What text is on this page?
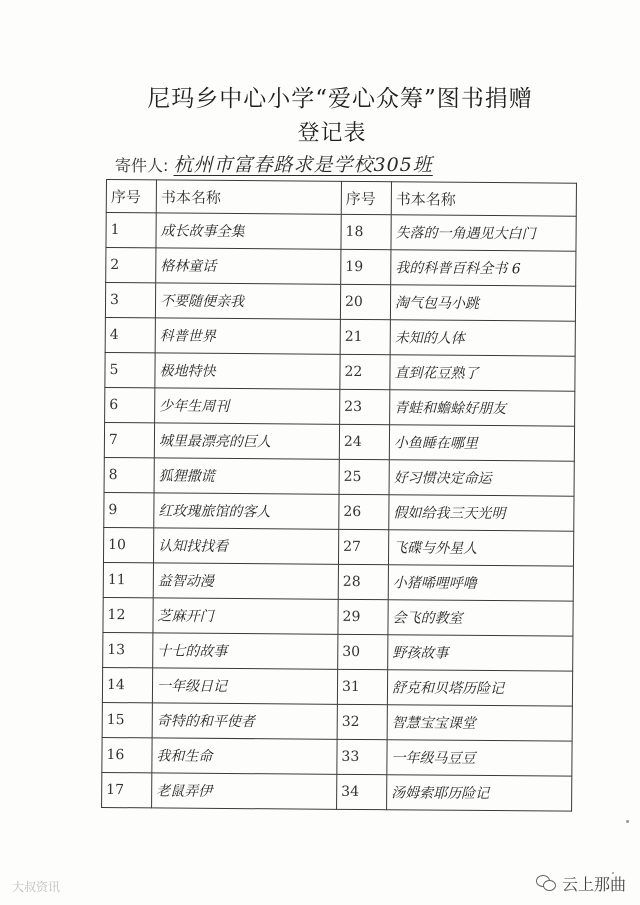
尼玛乡中心小学“爱心众筹”图书捐赠
登记表
寄件人: 杭州市富春路求是学校305班
序号	书本名称	序号	书本名称
1	成长故事全集	18	失落的一角遇见大白门
2	格林童话	19	我的科普百科全书 6
3	不要随便亲我	20	淘气包马小跳
4	科普世界	21	未知的人体
5	极地特快	22	直到花豆熟了
6	少年生周刊	23	青蛙和蟾蜍好朋友
7	城里最漂亮的巨人	24	小鱼睡在哪里
8	狐狸撒谎	25	好习惯决定命运
9	红玫瑰旅馆的客人	26	假如给我三天光明
10	认知找找看	27	飞碟与外星人
11	益智动漫	28	小猪唏哩呼噜
12	芝麻开门	29	会飞的教室
13	十七的故事	30	野孩故事
14	一年级日记	31	舒克和贝塔历险记
15	奇特的和平使者	32	智慧宝宝课堂
16	我和生命	33	一年级马豆豆
17	老鼠弄伊	34	汤姆索耶历险记
大叔资讯	云上那曲
